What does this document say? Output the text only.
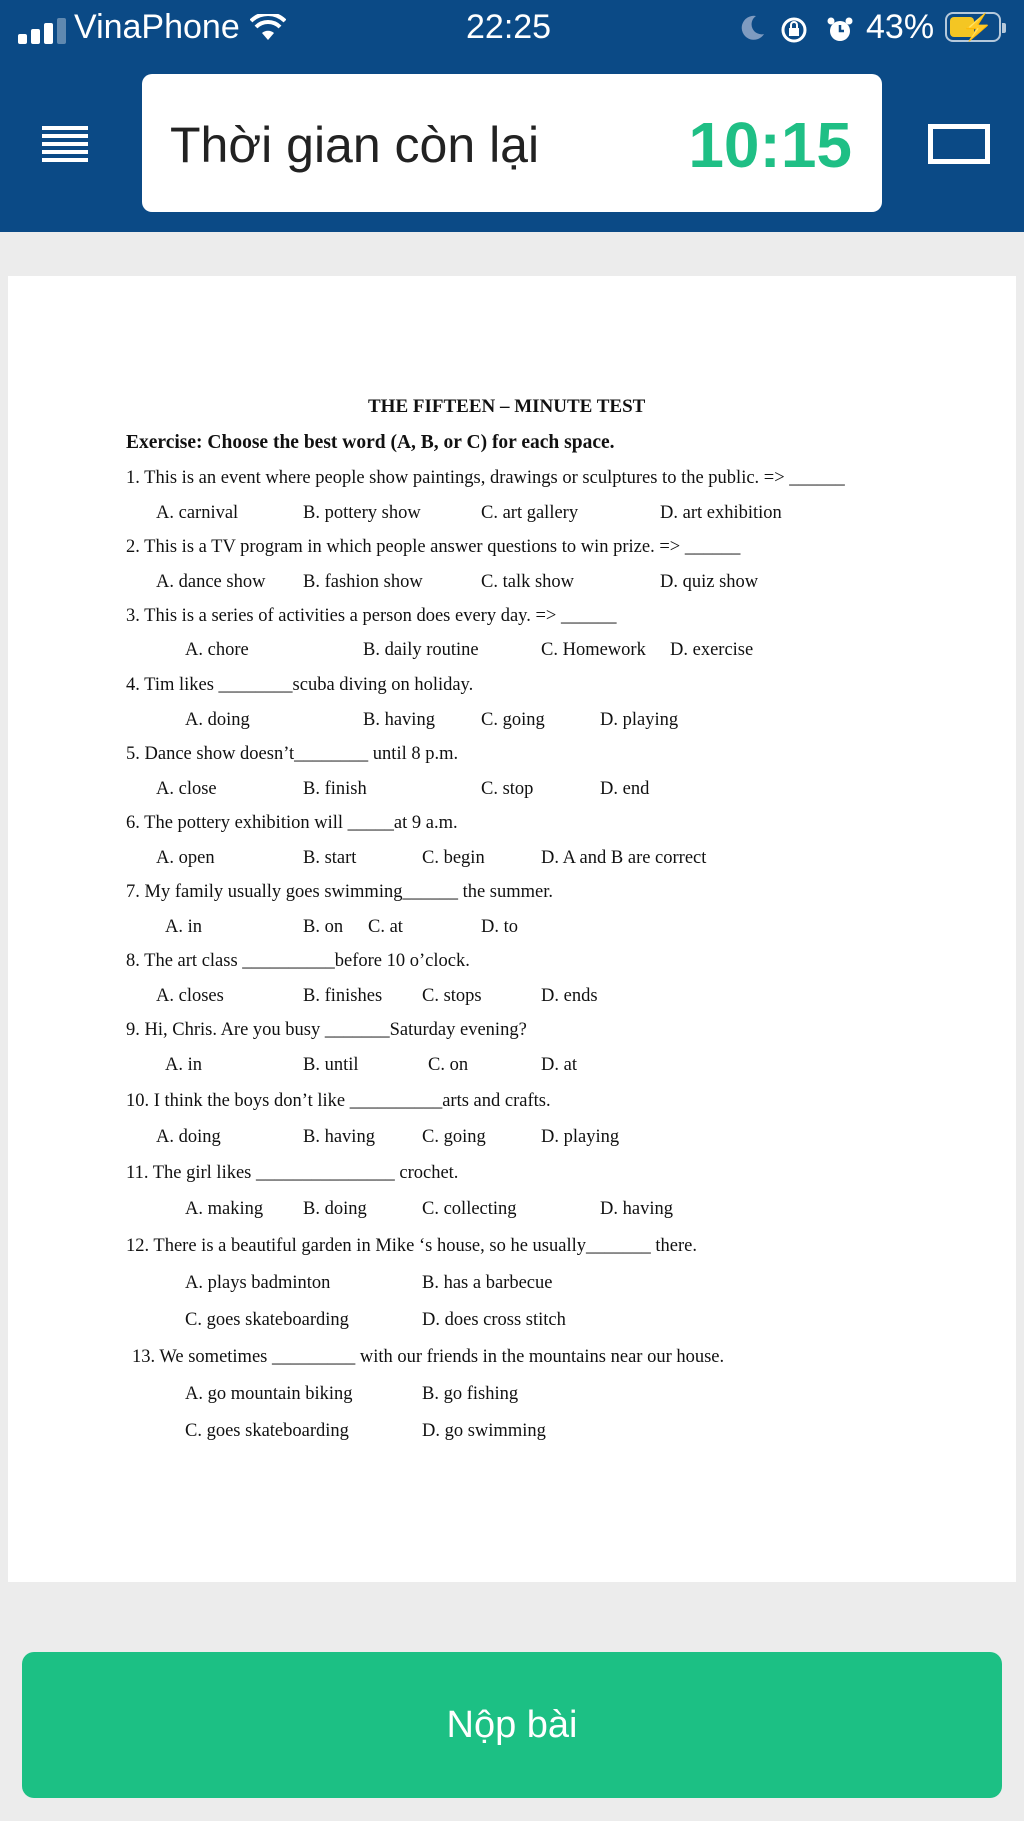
VinaPhone	22:25	43% ⚡
Thời gian còn lại 10:15
THE FIFTEEN – MINUTE TEST
Exercise: Choose the best word (A, B, or C) for each space.
1. This is an event where people show paintings, drawings or sculptures to the public. => ______
A. carnival	B. pottery show	C. art gallery	D. art exhibition
2. This is a TV program in which people answer questions to win prize. => ______
A. dance show B. fashion show	C. talk show	D. quiz show
3. This is a series of activities a person does every day. => ______
A. chore	B. daily routine	C. Homework D. exercise
4. Tim likes ________scuba diving on holiday.
A. doing	B. having C. going	D. playing
5. Dance show doesn’t________ until 8 p.m.
A. close	B. finish	C. stop	D. end
6. The pottery exhibition will _____at 9 a.m.
A. open	B. start	C. begin	D. A and B are correct
7. My family usually goes swimming______ the summer.
A. in	B. on C. at	D. to
8. The art class __________before 10 o’clock.
A. closes	B. finishes C. stops	D. ends
9. Hi, Chris. Are you busy _______Saturday evening?
A. in	B. until	C. on	D. at
10. I think the boys don’t like __________arts and crafts.
A. doing	B. having	C. going	D. playing
11. The girl likes _______________ crochet.
A. making B. doing	C. collecting	D. having
12. There is a beautiful garden in Mike ‘s house, so he usually_______ there.
A. plays badminton	B. has a barbecue
C. goes skateboarding	D. does cross stitch
13. We sometimes _________ with our friends in the mountains near our house.
A. go mountain biking	B. go fishing
C. goes skateboarding	D. go swimming
Nộp bài
